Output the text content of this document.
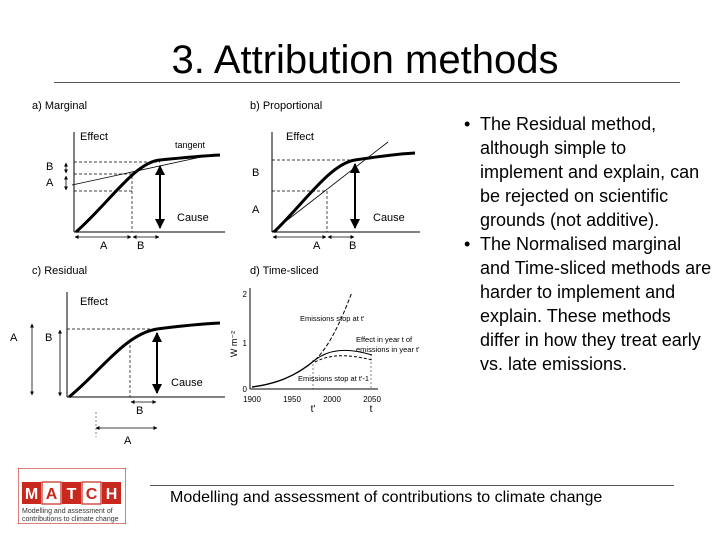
3. Attribution methods
a) Marginal
Effect
tangent
Cause
B
A
A	B
b) Proportional
Effect
Cause
B
A
A	B
c) Residual
Effect
Cause
A	B
B
A
d) Time-sliced
2
1
0
W m⁻²
1900	1950	2000	2050
t'	t
Emissions stop at t'
Effect in year t of
emissions in year t'
Emissions stop at t'-1
• The Residual method, although simple to implement and explain, can be rejected on scientific grounds (not additive).
• The Normalised marginal and Time-sliced methods are harder to implement and explain. These methods differ in how they treat early vs. late emissions.
Modelling and assessment of contributions to climate change
M A T C H
Modelling and assessment of
contributions to climate change
